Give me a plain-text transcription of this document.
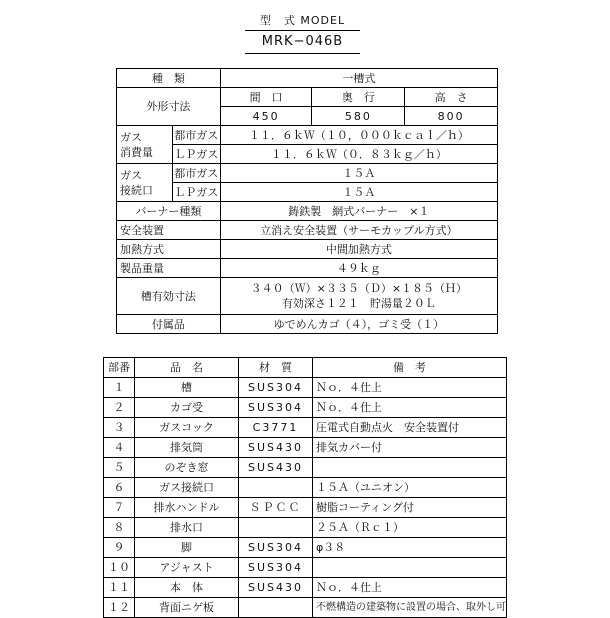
型　式 MODEL
MRK−046B
種　類		一槽式		
外形寸法		間　口	奥　行	高　さ
		450	580	800
ガス
消費量	都市ガス	１１．６ｋＷ（１０，０００ｋｃａｌ／ｈ）		
	ＬＰガス	１１．６ｋＷ（０．８３ｋｇ／ｈ）		
ガス
接続口	都市ガス	１５Ａ		
	ＬＰガス	１５Ａ		
バーナー種類		鋳鉄製　網式バーナー　×１		
安全装置		立消え安全装置（サーモカップル方式）		
加熱方式		中間加熱方式		
製品重量		４９ｋｇ		
槽有効寸法		３４０（Ｗ）×３３５（Ｄ）×１８５（Ｈ）
有効深さ１２１　貯湯量２０Ｌ		
付属品		ゆでめんカゴ（４），ゴミ受（１）		
部番	品　名	材　質	備　考
１	槽	SUS304	Ｎｏ．４仕上
２	カゴ受	SUS304	Ｎｏ．４仕上
３	ガスコック	C3771	圧電式自動点火　安全装置付
４	排気筒	SUS430	排気カバー付
５	のぞき窓	SUS430	
６	ガス接続口		１５Ａ（ユニオン）
７	排水ハンドル	ＳＰＣＣ	樹脂コーティング付
８	排水口		２５Ａ（Ｒｃ１）
９	脚	SUS304	φ３８
１０	アジャスト	SUS304	
１１	本　体	SUS430	Ｎｏ．４仕上
１２	背面ニゲ板		不燃構造の建築物に設置の場合、取外し可
